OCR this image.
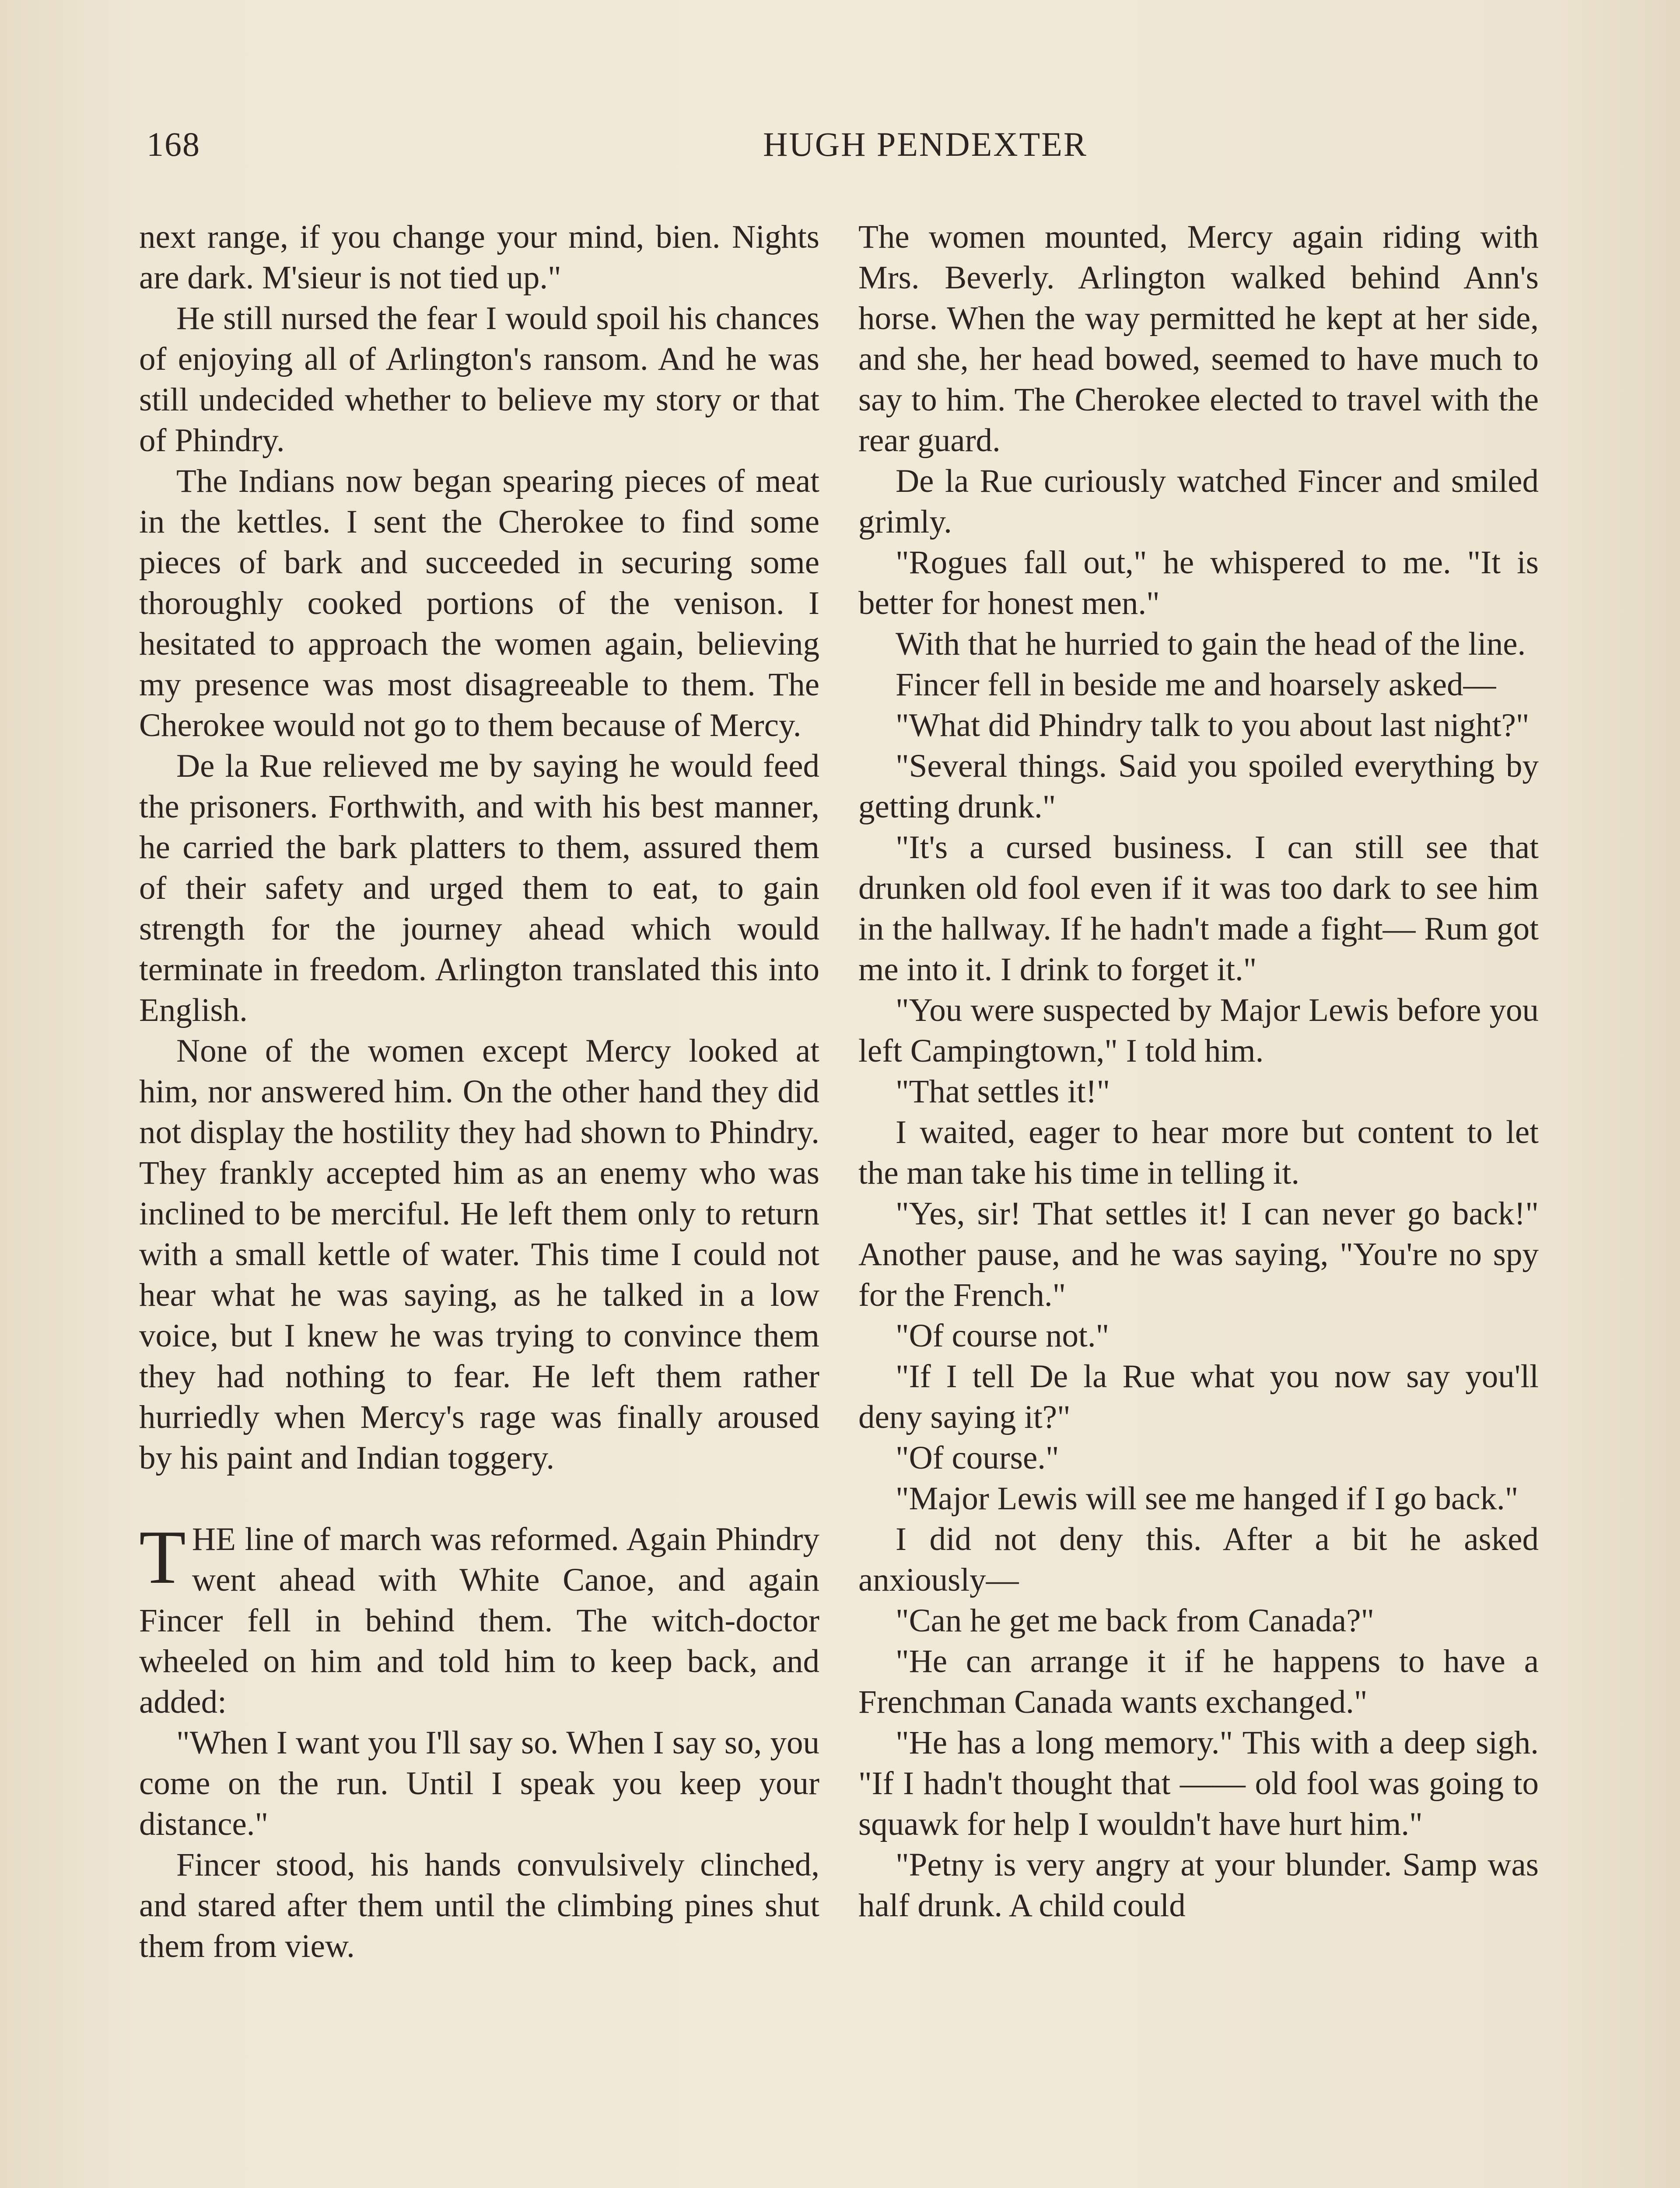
168	HUGH PENDEXTER

next range, if you change your mind, bien. Nights are dark. M'sieur is not tied up."

He still nursed the fear I would spoil his chances of enjoying all of Arlington's ransom. And he was still undecided whether to believe my story or that of Phindry.

The Indians now began spearing pieces of meat in the kettles. I sent the Cherokee to find some pieces of bark and succeeded in securing some thoroughly cooked portions of the venison. I hesitated to approach the women again, believing my presence was most disagreeable to them. The Cherokee would not go to them because of Mercy.

De la Rue relieved me by saying he would feed the prisoners. Forthwith, and with his best manner, he carried the bark platters to them, assured them of their safety and urged them to eat, to gain strength for the journey ahead which would terminate in freedom. Arlington translated this into English.

None of the women except Mercy looked at him, nor answered him. On the other hand they did not display the hostility they had shown to Phindry. They frankly accepted him as an enemy who was inclined to be merciful. He left them only to return with a small kettle of water. This time I could not hear what he was saying, as he talked in a low voice, but I knew he was trying to convince them they had nothing to fear. He left them rather hurriedly when Mercy's rage was finally aroused by his paint and Indian toggery.

THE line of march was reformed. Again Phindry went ahead with White Canoe, and again Fincer fell in behind them. The witch-doctor wheeled on him and told him to keep back, and added:

"When I want you I'll say so. When I say so, you come on the run. Until I speak you keep your distance."

Fincer stood, his hands convulsively clinched, and stared after them until the climbing pines shut them from view.

The women mounted, Mercy again riding with Mrs. Beverly. Arlington walked behind Ann's horse. When the way permitted he kept at her side, and she, her head bowed, seemed to have much to say to him. The Cherokee elected to travel with the rear guard.

De la Rue curiously watched Fincer and smiled grimly.

"Rogues fall out," he whispered to me. "It is better for honest men."

With that he hurried to gain the head of the line.

Fincer fell in beside me and hoarsely asked—

"What did Phindry talk to you about last night?"

"Several things. Said you spoiled everything by getting drunk."

"It's a cursed business. I can still see that drunken old fool even if it was too dark to see him in the hallway. If he hadn't made a fight— Rum got me into it. I drink to forget it."

"You were suspected by Major Lewis before you left Campingtown," I told him.

"That settles it!"

I waited, eager to hear more but content to let the man take his time in telling it.

"Yes, sir! That settles it! I can never go back!" Another pause, and he was saying, "You're no spy for the French."

"Of course not."

"If I tell De la Rue what you now say you'll deny saying it?"

"Of course."

"Major Lewis will see me hanged if I go back."

I did not deny this. After a bit he asked anxiously—

"Can he get me back from Canada?"

"He can arrange it if he happens to have a Frenchman Canada wants exchanged."

"He has a long memory." This with a deep sigh. "If I hadn't thought that —— old fool was going to squawk for help I wouldn't have hurt him."

"Petny is very angry at your blunder. Samp was half drunk. A child could
